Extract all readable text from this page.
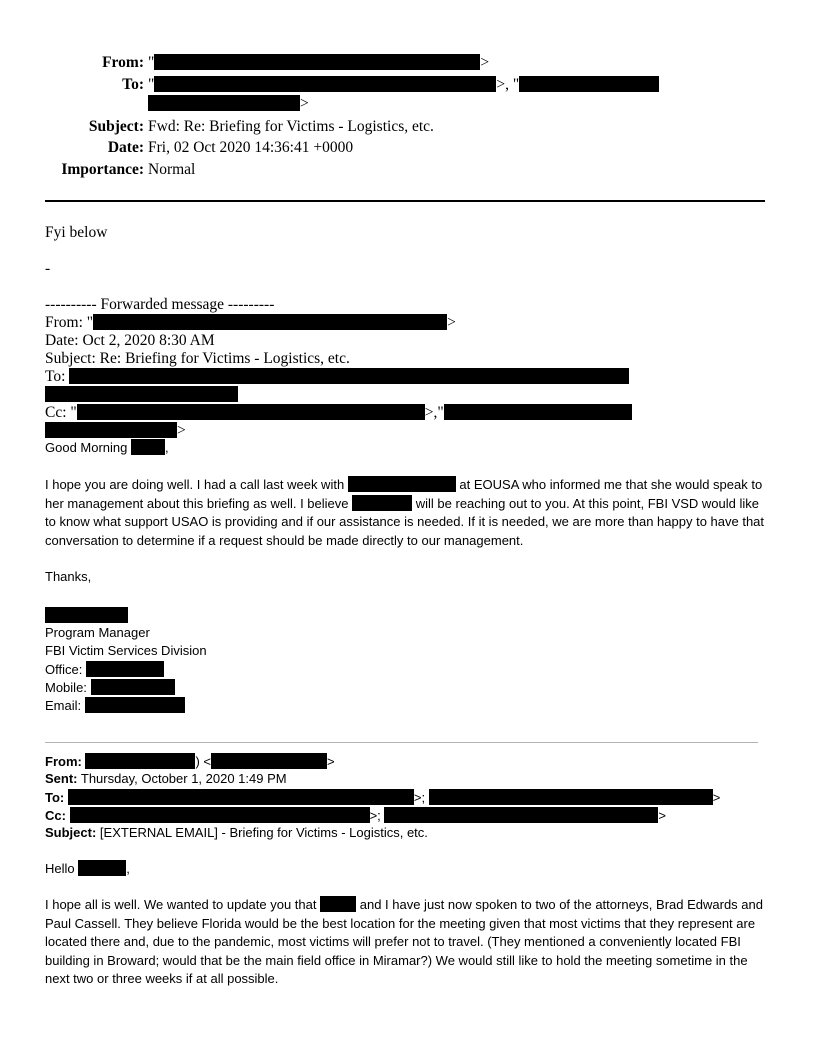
From: "	>
To: "	>, "
>
Subject: Fwd: Re: Briefing for Victims - Logistics, etc.
Date: Fri, 02 Oct 2020 14:36:41 +0000
Importance: Normal
Fyi below
-
---------- Forwarded message ---------
From: "	>
Date: Oct 2, 2020 8:30 AM
Subject: Re: Briefing for Victims - Logistics, etc.
To:
Cc: "	>,"
>
Good Morning	,
I hope you are doing well. I had a call last week with	at EOUSA who informed me that she would speak to her management about this briefing as well. I believe	will be reaching out to you. At this point, FBI VSD would like to know what support USAO is providing and if our assistance is needed. If it is needed, we are more than happy to have that conversation to determine if a request should be made directly to our management.
Thanks,
Program Manager
FBI Victim Services Division
Office:
Mobile:
Email:
From:	) <	>
Sent: Thursday, October 1, 2020 1:49 PM
To:	>;	>
Cc:	>;	>
Subject: [EXTERNAL EMAIL] - Briefing for Victims - Logistics, etc.
Hello	,
I hope all is well. We wanted to update you that	and I have just now spoken to two of the attorneys, Brad Edwards and Paul Cassell. They believe Florida would be the best location for the meeting given that most victims that they represent are located there and, due to the pandemic, most victims will prefer not to travel. (They mentioned a conveniently located FBI building in Broward; would that be the main field office in Miramar?) We would still like to hold the meeting sometime in the next two or three weeks if at all possible.
